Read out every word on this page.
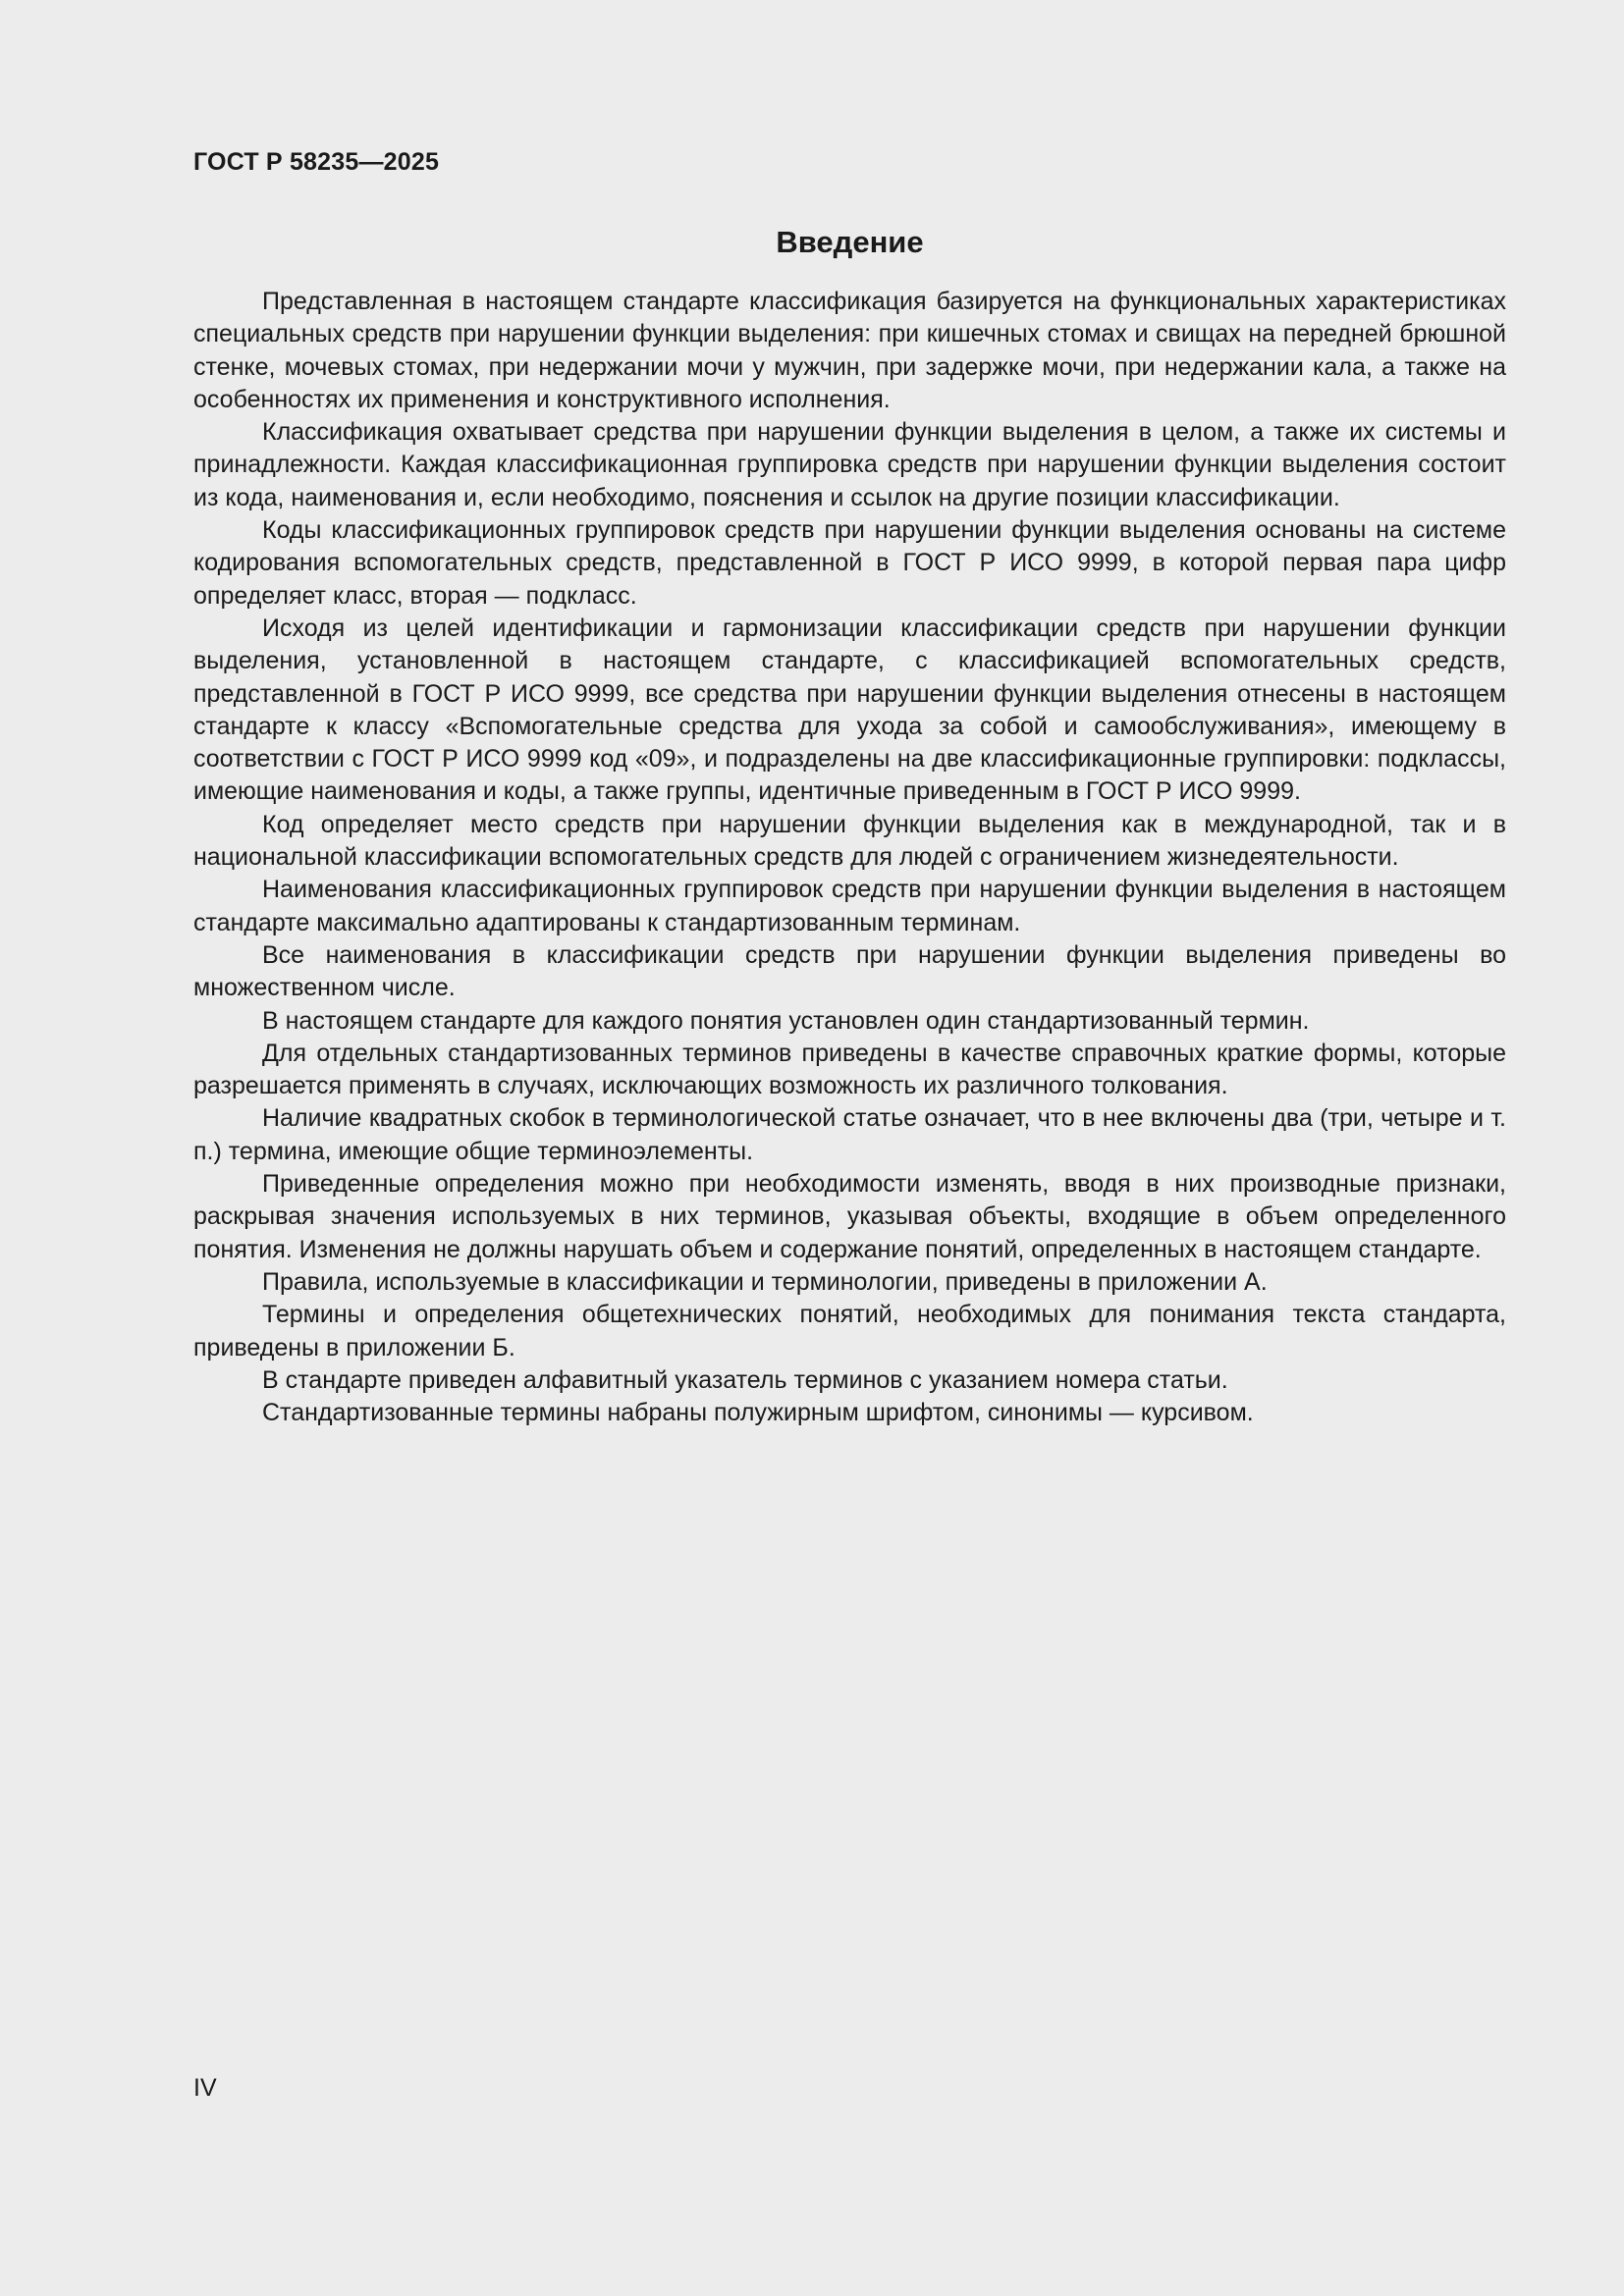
ГОСТ Р 58235—2025
Введение

Представленная в настоящем стандарте классификация базируется на функциональных характеристиках специальных средств при нарушении функции выделения: при кишечных стомах и свищах на передней брюшной стенке, мочевых стомах, при недержании мочи у мужчин, при задержке мочи, при недержании кала, а также на особенностях их применения и конструктивного исполнения.

Классификация охватывает средства при нарушении функции выделения в целом, а также их системы и принадлежности. Каждая классификационная группировка средств при нарушении функции выделения состоит из кода, наименования и, если необходимо, пояснения и ссылок на другие позиции классификации.

Коды классификационных группировок средств при нарушении функции выделения основаны на системе кодирования вспомогательных средств, представленной в ГОСТ Р ИСО 9999, в которой первая пара цифр определяет класс, вторая — подкласс.

Исходя из целей идентификации и гармонизации классификации средств при нарушении функции выделения, установленной в настоящем стандарте, с классификацией вспомогательных средств, представленной в ГОСТ Р ИСО 9999, все средства при нарушении функции выделения отнесены в настоящем стандарте к классу «Вспомогательные средства для ухода за собой и самообслуживания», имеющему в соответствии с ГОСТ Р ИСО 9999 код «09», и подразделены на две классификационные группировки: подклассы, имеющие наименования и коды, а также группы, идентичные приведенным в ГОСТ Р ИСО 9999.

Код определяет место средств при нарушении функции выделения как в международной, так и в национальной классификации вспомогательных средств для людей с ограничением жизнедеятельности.

Наименования классификационных группировок средств при нарушении функции выделения в настоящем стандарте максимально адаптированы к стандартизованным терминам.

Все наименования в классификации средств при нарушении функции выделения приведены во множественном числе.

В настоящем стандарте для каждого понятия установлен один стандартизованный термин.

Для отдельных стандартизованных терминов приведены в качестве справочных краткие формы, которые разрешается применять в случаях, исключающих возможность их различного толкования.

Наличие квадратных скобок в терминологической статье означает, что в нее включены два (три, четыре и т. п.) термина, имеющие общие терминоэлементы.

Приведенные определения можно при необходимости изменять, вводя в них производные признаки, раскрывая значения используемых в них терминов, указывая объекты, входящие в объем определенного понятия. Изменения не должны нарушать объем и содержание понятий, определенных в настоящем стандарте.

Правила, используемые в классификации и терминологии, приведены в приложении А.

Термины и определения общетехнических понятий, необходимых для понимания текста стандарта, приведены в приложении Б.

В стандарте приведен алфавитный указатель терминов с указанием номера статьи.

Стандартизованные термины набраны полужирным шрифтом, синонимы — курсивом.

IV
